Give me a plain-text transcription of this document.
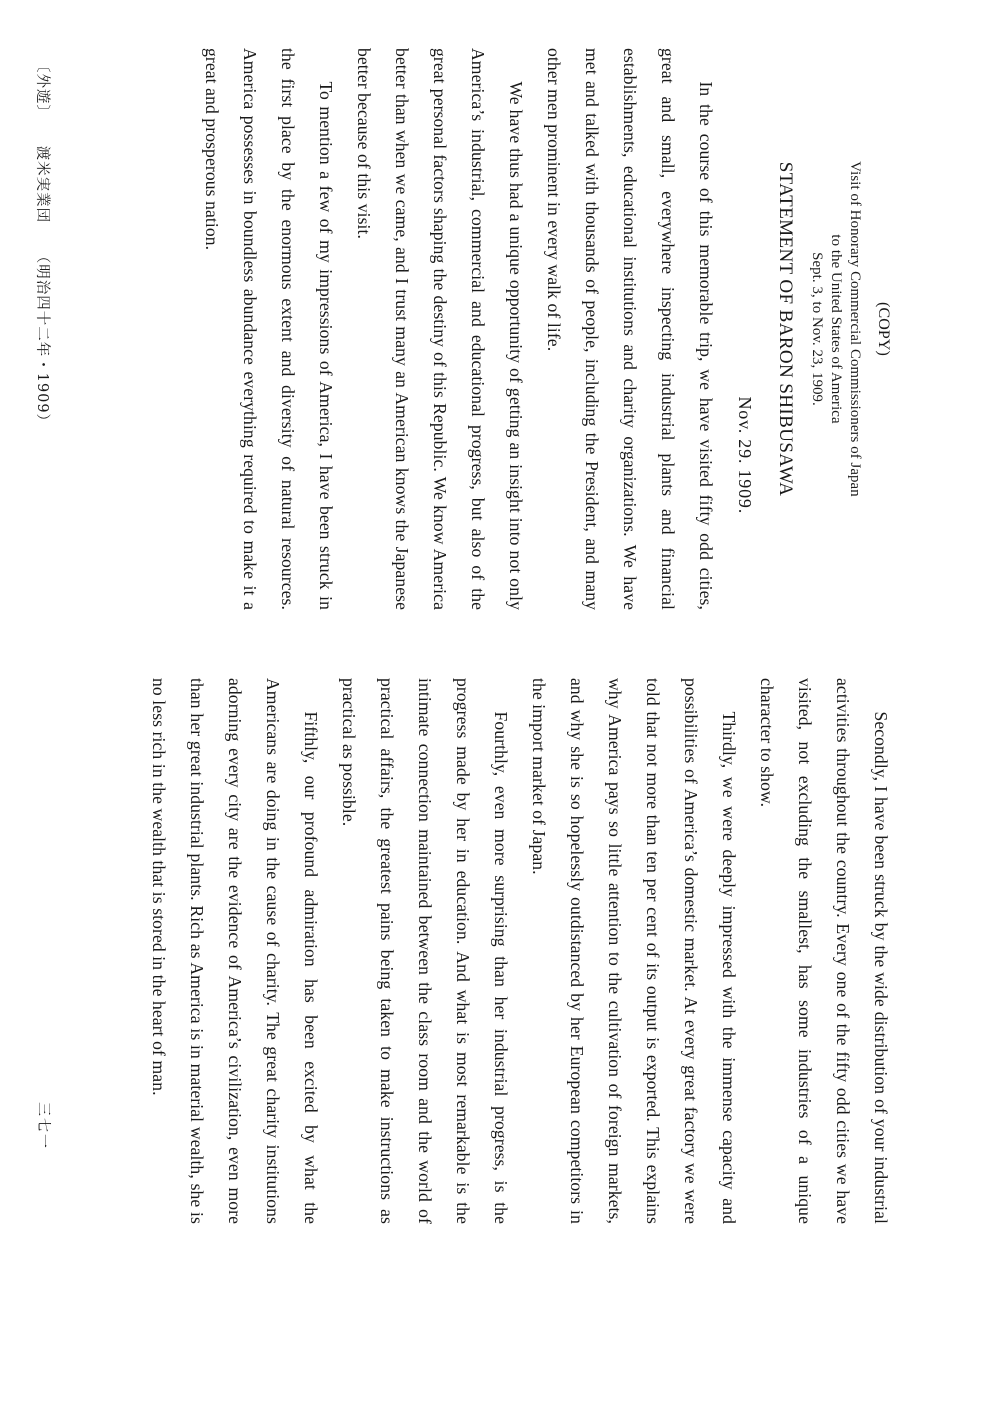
(COPY)
Visit of Honorary Commercial Commissioners of Japan
to the United States of America
Sept. 3, to Nov. 23, 1909.
STATEMENT OF BARON SHIBUSAWA
Nov. 29. 1909.

In the course of this memorable trip, we have visited fifty odd cities, great and small, everywhere inspecting industrial plants and financial establishments, educational institutions and charity organizations. We have met and talked with thousands of people, including the President, and many other men prominent in every walk of life.

We have thus had a unique opportunity of getting an insight into not only America’s industrial, commercial and educational progress, but also of the great personal factors shaping the destiny of this Republic. We know America better than when we came, and I trust many an American knows the Japanese better because of this visit.

To mention a few of my impressions of America, I have been struck in the first place by the enormous extent and diversity of natural resources. America possesses in boundless abundance everything required to make it a great and prosperous nation.

Secondly, I have been struck by the wide distribution of your industrial activities throughout the country. Every one of the fifty odd cities we have visited, not excluding the smallest, has some industries of a unique character to show.

Thirdly, we were deeply impressed with the immense capacity and possibilities of America’s domestic market. At every great factory we were told that not more than ten per cent of its output is exported. This explains why America pays so little attention to the cultivation of foreign markets, and why she is so hopelessly outdistanced by her European competitors in the import market of Japan.

Fourthly, even more surprising than her industrial progress, is the progress made by her in education. And what is most remarkable is the intimate connection maintained between the class room and the world of practical affairs, the greatest pains being taken to make instructions as practical as possible.

Fifthly, our profound admiration has been excited by what the Americans are doing in the cause of charity. The great charity institutions adorning every city are the evidence of America’s civilization, even more than her great industrial plants. Rich as America is in material wealth, she is no less rich in the wealth that is stored in the heart of man.

〔外遊〕 渡米実業団 （明治四十二年・1909）
三七一
